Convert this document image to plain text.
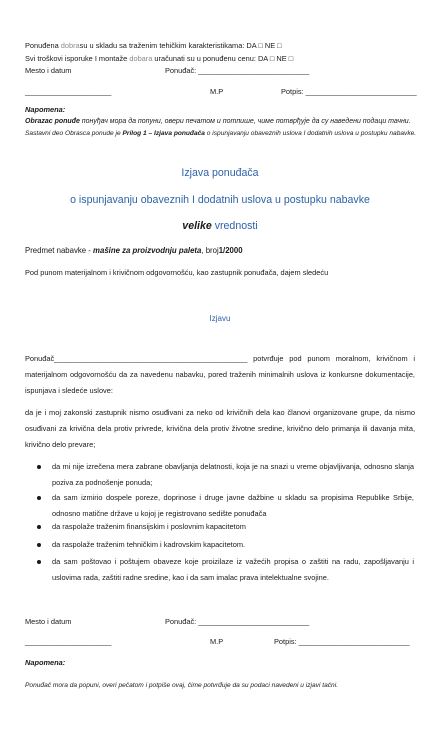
Ponuđena dobrasu u skladu sa traženim tehičkim karakteristikama: DA □ NE □
Svi troškovi isporuke I montaže dobara uračunati su u ponuđenu cenu: DA □ NE □
Mesto i datum	Ponuđač: ___________________________
_____________________	M.P	Potpis: ___________________________
Napomena:
Obrazac ponuđe понуђач мора да попуни, овери печатом и потпише, чиме потврђује да су наведени подаци тачни.
Sastavni deo Obrasca ponude je Prilog 1 – Izjava ponuđača o ispunjavanju obaveznih uslova I dodatnih uslova u postupku nabavke.
Izjava ponuđača
o ispunjavanju obaveznih I dodatnih uslova u postupku nabavke
velike vrednosti
Predmet nabavke - mašine za proizvodnju paleta, broj1/2000
Pod punom materijalnom i krivičnom odgovornošću, kao zastupnik ponuđača, dajem sledeću
Izjavu
Ponuđač_______________________________________________ potvrđuje pod punom moralnom, krivičnom i materijalnom odgovornošću da za navedenu nabavku, pored traženih minimalnih uslova iz konkursne dokumentacije, ispunjava i sledeće uslove:
da je i moj zakonski zastupnik nismo osuđivani za neko od krivičnih dela kao članovi organizovane grupe, da nismo osuđivani za krivična dela protiv privrede, krivična dela protiv životne sredine, krivično delo primanja ili davanja mita, krivično delo prevare;
da mi nije izrečena mera zabrane obavljanja delatnosti, koja je na snazi u vreme objavljivanja, odnosno slanja poziva za podnošenje ponuda;
da sam izmirio dospele poreze, doprinose i druge javne dažbine u skladu sa propisima Republike Srbije, odnosno matične države u kojoj je registrovano sedište ponuđača
da raspolaže traženim finansijskim i poslovnim kapacitetom
da raspolaže traženim tehničkim i kadrovskim kapacitetom.
da sam poštovao i poštujem obaveze koje proizilaze iz važećih propisa o zaštiti na radu, zapošljavanju i uslovima rada, zaštiti radne sredine, kao i da sam imalac prava intelektualne svojine.
Mesto i datum	Ponuđač: ___________________________
_____________________	M.P	Potpis: ___________________________
Napomena:
Ponuđač mora da popuni, overi pečatom i potpiše ovaj, čime potvrđuje da su podaci navedeni u izjavi tačni.
